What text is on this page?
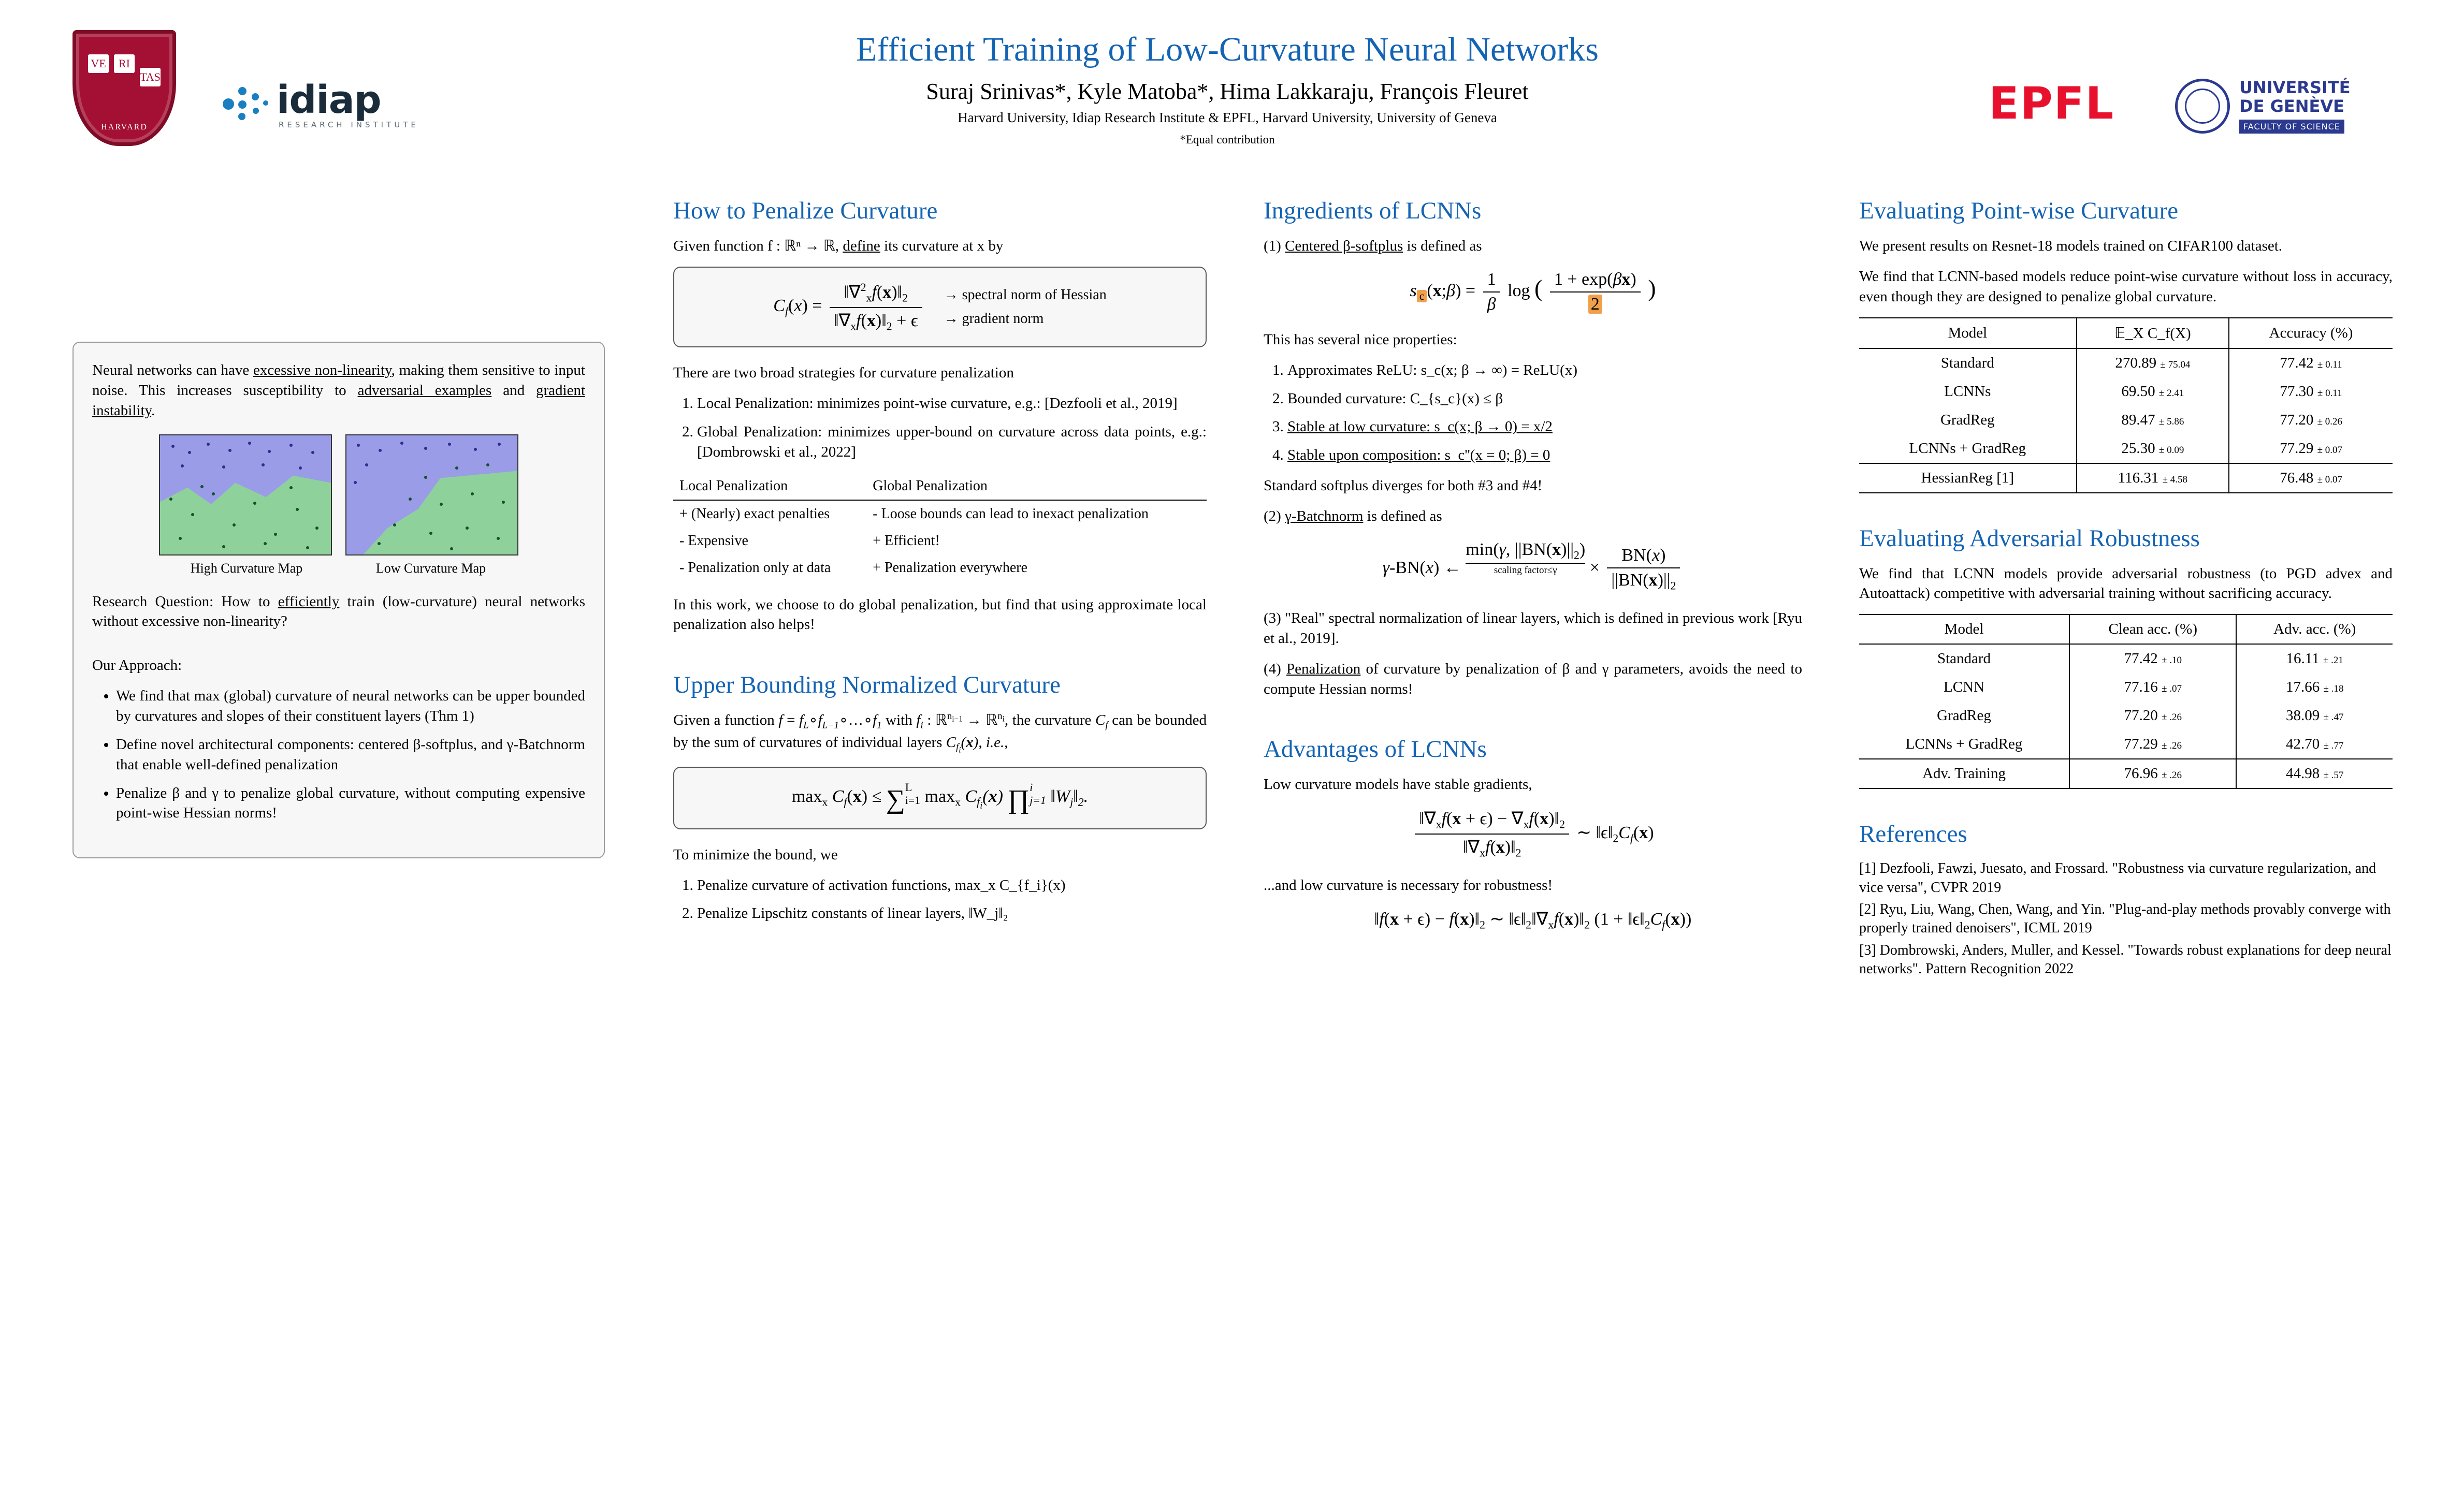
VE	RI
TAS
HARVARD
idiap
RESEARCH INSTITUTE
Efficient Training of Low-Curvature Neural Networks
Suraj Srinivas*, Kyle Matoba*, Hima Lakkaraju, François Fleuret
Harvard University, Idiap Research Institute & EPFL, Harvard University, University of Geneva
*Equal contribution
EPFL	UNIVERSITÉ
DE GENÈVE
FACULTY OF SCIENCE

Neural networks can have excessive non-linearity, making them sensitive to input noise. This increases susceptibility to adversarial examples and gradient instability.

High Curvature Map	Low Curvature Map

Research Question: How to efficiently train (low-curvature) neural networks without excessive non-linearity?

Our Approach:

• We find that max (global) curvature of neural networks can be upper bounded by curvatures and slopes of their constituent layers (Thm 1)
• Define novel architectural components: centered β-softplus, and γ-Batchnorm that enable well-defined penalization
• Penalize β and γ to penalize global curvature, without computing expensive point-wise Hessian norms!
How to Penalize Curvature

Given function f : ℝⁿ → ℝ, define its curvature at x by

$C_f(x) = \frac{‖\nabla^2_xf(x)‖_2}{‖\nabla_xf(x)‖_2 + \epsilon}$	→ spectral norm of Hessian
→ gradient norm

There are two broad strategies for curvature penalization

1. Local Penalization: minimizes point-wise curvature, e.g.: [Dezfooli et al., 2019]
2. Global Penalization: minimizes upper-bound on curvature across data points, e.g.: [Dombrowski et al., 2022]
Local Penalization	Global Penalization
+ (Nearly) exact penalties	- Loose bounds can lead to inexact penalization
- Expensive	+ Efficient!
- Penalization only at data	+ Penalization everywhere

In this work, we choose to do global penalization, but find that using approximate local penalization also helps!

Upper Bounding Normalized Curvature

Given a function $f = f_L\circ f_{L-1}\circ\dots\circ f_1$ with $f_i$ : ℝ$^{n_{i-1}}$ → ℝ$^{n_i}$, the curvature $C_f$ can be bounded by the sum of curvatures of individual layers $C_{f_i}(x)$, i.e.,

$\max_x C_f(x) \le \sum L$
i=1 $\max_x C_{f_i}(x)$ ∏i
j=1 $‖W_j‖_2$.

To minimize the bound, we

1. Penalize curvature of activation functions, max_x C_{f_i}(x)
2. Penalize Lipschitz constants of linear layers, ‖W_j‖₂
Ingredients of LCNNs

(1) Centered β-softplus is defined as

s $_c$ (x;β) = $\frac{1}{\beta}$ log ( $\frac{1 + \exp(\beta x)}{2}$ )

This has several nice properties:

1. Approximates ReLU: s_c(x; β → ∞) = ReLU(x)
2. Bounded curvature: C_{s_c}(x) ≤ β
3. Stable at low curvature: s_c(x; β → 0) = x/2
4. Stable upon composition: s_c''(x = 0; β) = 0

Standard softplus diverges for both #3 and #4!

(2) γ-Batchnorm is defined as

γ-BN(x) ← min(γ, $||BN(x)||_2$)
scaling factor≤γ	× $\frac{BN(x)}{||BN(x)||_2}$

(3) "Real" spectral normalization of linear layers, which is defined in previous work [Ryu et al., 2019].

(4) Penalization of curvature by penalization of β and γ parameters, avoids the need to compute Hessian norms!

Advantages of LCNNs

Low curvature models have stable gradients,

$\frac{‖\nabla_xf(x + \epsilon) - \nabla_xf(x)‖_2}{‖\nabla_xf(x)‖_2}$ ∼ $‖\epsilon‖_2C_f(x)$

...and low curvature is necessary for robustness!

‖f(x + $\epsilon) - f(x)‖_2$ ∼ $‖\epsilon‖_2‖\nabla_xf(x)‖_2$ $(1 + ‖\epsilon‖_2C_f(x))$
Evaluating Point-wise Curvature

We present results on Resnet-18 models trained on CIFAR100 dataset.

We find that LCNN-based models reduce point-wise curvature without loss in accuracy, even though they are designed to penalize global curvature.

Model	𝔼_X C_f(X)	Accuracy (%)
Standard	270.89 ± 75.04	77.42 ± 0.11
LCNNs	69.50 ± 2.41	77.30 ± 0.11
GradReg	89.47 ± 5.86	77.20 ± 0.26
LCNNs + GradReg	25.30 ± 0.09	77.29 ± 0.07
HessianReg [1]	116.31 ± 4.58	76.48 ± 0.07
Evaluating Adversarial Robustness

We find that LCNN models provide adversarial robustness (to PGD advex and Autoattack) competitive with adversarial training without sacrificing accuracy.

Model	Clean acc. (%)	Adv. acc. (%)
Standard	77.42 ± .10	16.11 ± .21
LCNN	77.16 ± .07	17.66 ± .18
GradReg	77.20 ± .26	38.09 ± .47
LCNNs + GradReg	77.29 ± .26	42.70 ± .77
Adv. Training	76.96 ± .26	44.98 ± .57
References

[1] Dezfooli, Fawzi, Juesato, and Frossard. "Robustness via curvature regularization, and vice versa", CVPR 2019

[2] Ryu, Liu, Wang, Chen, Wang, and Yin. "Plug-and-play methods provably converge with properly trained denoisers", ICML 2019

[3] Dombrowski, Anders, Muller, and Kessel. "Towards robust explanations for deep neural networks". Pattern Recognition 2022
